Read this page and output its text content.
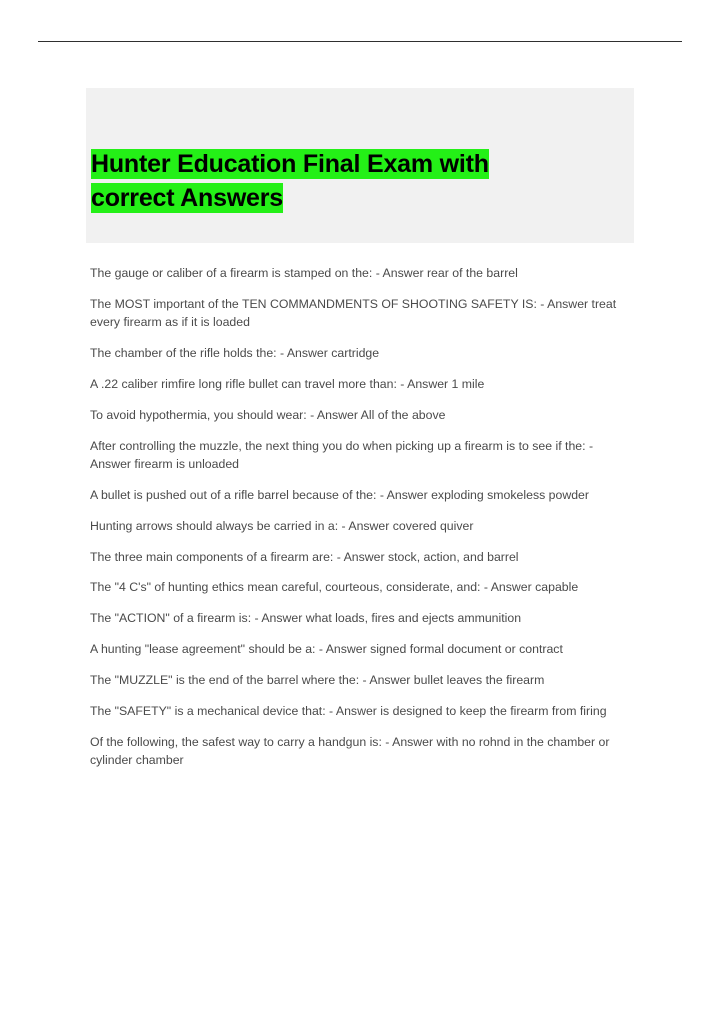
Hunter Education Final Exam with
correct Answers

The gauge or caliber of a firearm is stamped on the: - Answer rear of the barrel

The MOST important of the TEN COMMANDMENTS OF SHOOTING SAFETY IS: - Answer treat every firearm as if it is loaded

The chamber of the rifle holds the: - Answer cartridge

A .22 caliber rimfire long rifle bullet can travel more than: - Answer 1 mile

To avoid hypothermia, you should wear: - Answer All of the above

After controlling the muzzle, the next thing you do when picking up a firearm is to see if the: - Answer firearm is unloaded

A bullet is pushed out of a rifle barrel because of the: - Answer exploding smokeless powder

Hunting arrows should always be carried in a: - Answer covered quiver

The three main components of a firearm are: - Answer stock, action, and barrel

The "4 C's" of hunting ethics mean careful, courteous, considerate, and: - Answer capable

The "ACTION" of a firearm is: - Answer what loads, fires and ejects ammunition

A hunting "lease agreement" should be a: - Answer signed formal document or contract

The "MUZZLE" is the end of the barrel where the: - Answer bullet leaves the firearm

The "SAFETY" is a mechanical device that: - Answer is designed to keep the firearm from firing

Of the following, the safest way to carry a handgun is: - Answer with no rohnd in the chamber or cylinder chamber
